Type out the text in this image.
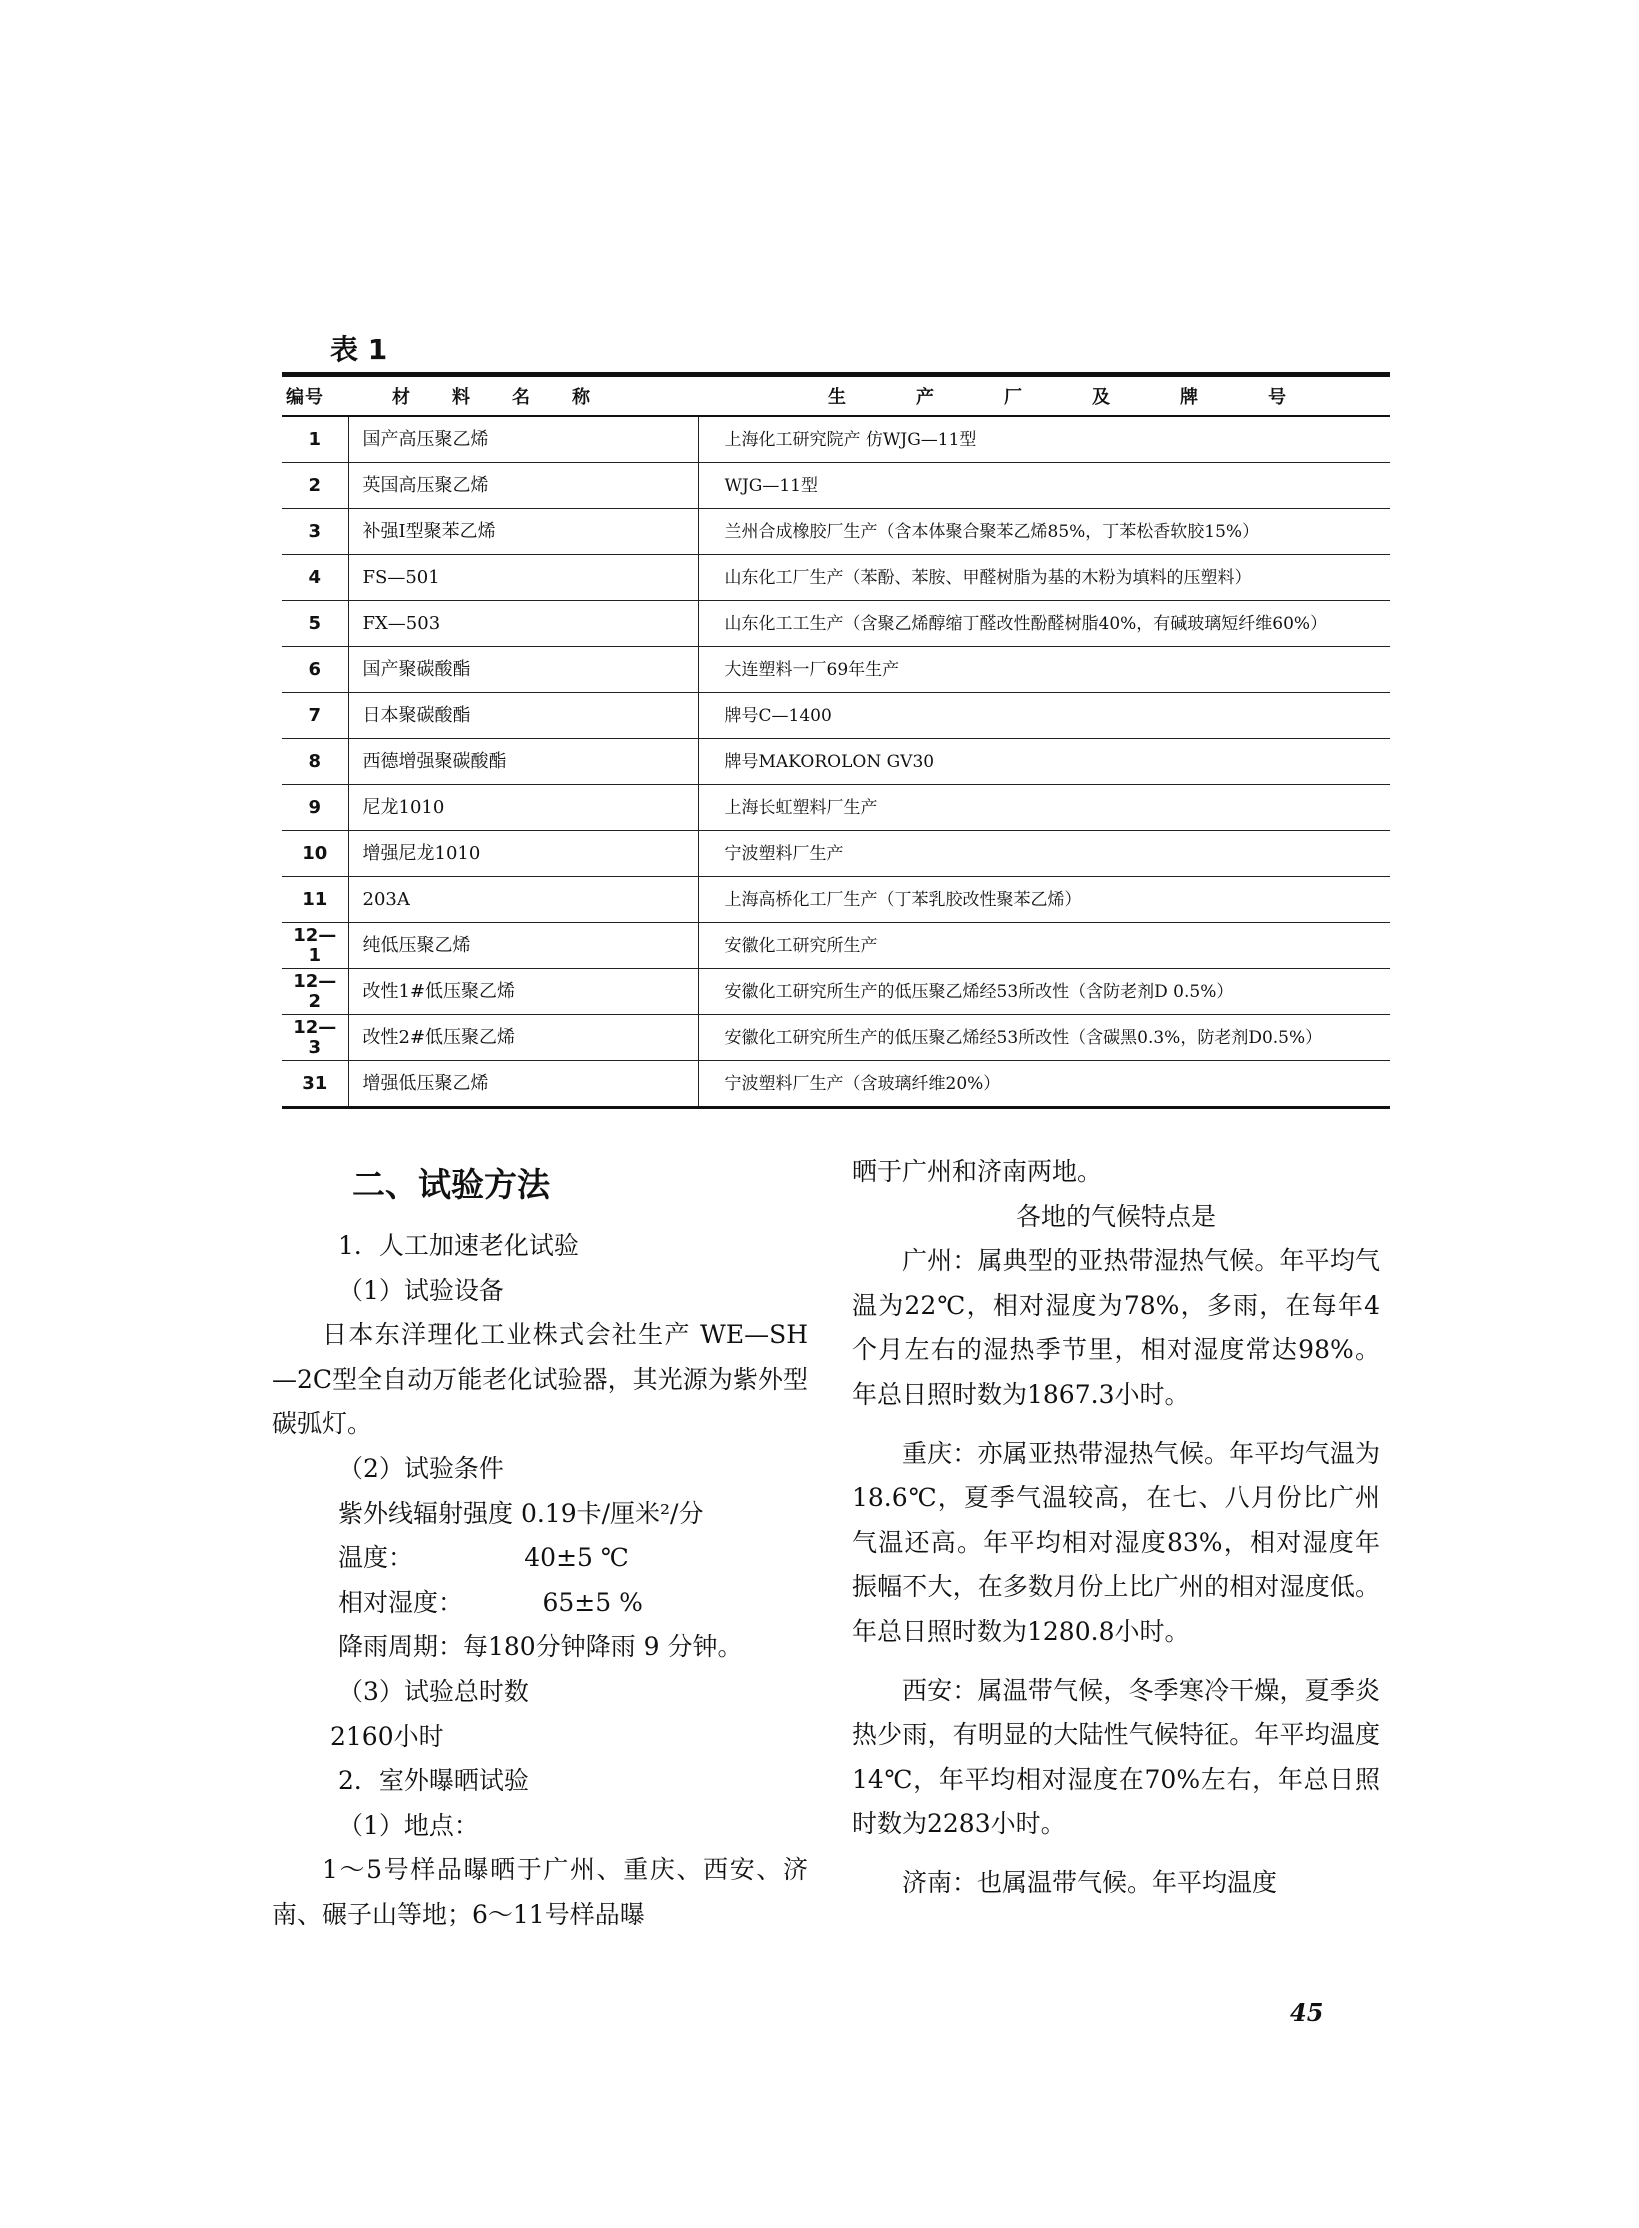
表 1
编号	材料名称	生产厂及牌号
1	国产高压聚乙烯	上海化工研究院产 仿WJG—11型
2	英国高压聚乙烯	WJG—11型
3	补强Ⅰ型聚苯乙烯	兰州合成橡胶厂生产（含本体聚合聚苯乙烯85%，丁苯松香软胶15%）
4	FS—501	山东化工厂生产（苯酚、苯胺、甲醛树脂为基的木粉为填料的压塑料）
5	FX—503	山东化工工生产（含聚乙烯醇缩丁醛改性酚醛树脂40%，有碱玻璃短纤维60%）
6	国产聚碳酸酯	大连塑料一厂69年生产
7	日本聚碳酸酯	牌号C—1400
8	西德增强聚碳酸酯	牌号MAKOROLON GV30
9	尼龙1010	上海长虹塑料厂生产
10	增强尼龙1010	宁波塑料厂生产
11	203A	上海高桥化工厂生产（丁苯乳胶改性聚苯乙烯）
12—1	纯低压聚乙烯	安徽化工研究所生产
12—2	改性1#低压聚乙烯	安徽化工研究所生产的低压聚乙烯经53所改性（含防老剂D 0.5%）
12—3	改性2#低压聚乙烯	安徽化工研究所生产的低压聚乙烯经53所改性（含碳黑0.3%，防老剂D0.5%）
31	增强低压聚乙烯	宁波塑料厂生产（含玻璃纤维20%）

二、试验方法

1．人工加速老化试验

（1）试验设备

日本东洋理化工业株式会社生产 WE—SH—2C型全自动万能老化试验器，其光源为紫外型碳弧灯。

（2）试验条件

紫外线辐射强度 0.19卡/厘米²/分

温度：              40±5 ℃

相对湿度：          65±5 %

降雨周期：每180分钟降雨 9 分钟。

（3）试验总时数

2160小时

2．室外曝晒试验

（1）地点：

1～5号样品曝晒于广州、重庆、西安、济南、碾子山等地；6～11号样品曝

晒于广州和济南两地。

各地的气候特点是

广州：属典型的亚热带湿热气候。年平均气温为22℃，相对湿度为78%，多雨，在每年4个月左右的湿热季节里，相对湿度常达98%。年总日照时数为1867.3小时。

重庆：亦属亚热带湿热气候。年平均气温为18.6℃，夏季气温较高，在七、八月份比广州气温还高。年平均相对湿度83%，相对湿度年振幅不大，在多数月份上比广州的相对湿度低。年总日照时数为1280.8小时。

西安：属温带气候，冬季寒冷干燥，夏季炎热少雨，有明显的大陆性气候特征。年平均温度14℃，年平均相对湿度在70%左右，年总日照时数为2283小时。

济南：也属温带气候。年平均温度

45
